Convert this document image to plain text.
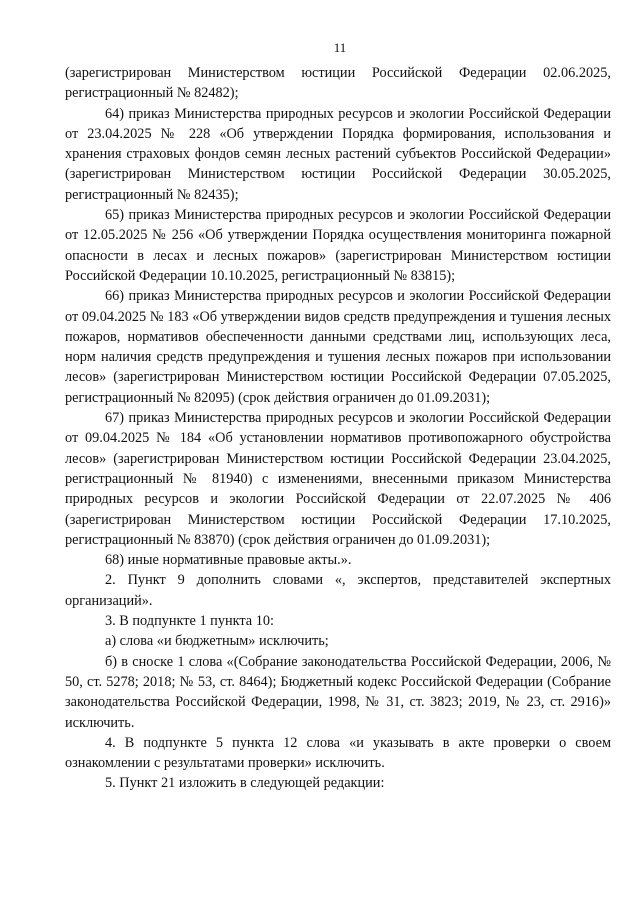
11

(зарегистрирован Министерством юстиции Российской Федерации 02.06.2025, регистрационный № 82482);

64) приказ Министерства природных ресурсов и экологии Российской Федерации от 23.04.2025 № 228 «Об утверждении Порядка формирования, использования и хранения страховых фондов семян лесных растений субъектов Российской Федерации» (зарегистрирован Министерством юстиции Российской Федерации 30.05.2025, регистрационный № 82435);

65) приказ Министерства природных ресурсов и экологии Российской Федерации от 12.05.2025 № 256 «Об утверждении Порядка осуществления мониторинга пожарной опасности в лесах и лесных пожаров» (зарегистрирован Министерством юстиции Российской Федерации 10.10.2025, регистрационный № 83815);

66) приказ Министерства природных ресурсов и экологии Российской Федерации от 09.04.2025 № 183 «Об утверждении видов средств предупреждения и тушения лесных пожаров, нормативов обеспеченности данными средствами лиц, использующих леса, норм наличия средств предупреждения и тушения лесных пожаров при использовании лесов» (зарегистрирован Министерством юстиции Российской Федерации 07.05.2025, регистрационный № 82095) (срок действия ограничен до 01.09.2031);

67) приказ Министерства природных ресурсов и экологии Российской Федерации от 09.04.2025 № 184 «Об установлении нормативов противопожарного обустройства лесов» (зарегистрирован Министерством юстиции Российской Федерации 23.04.2025, регистрационный № 81940) с изменениями, внесенными приказом Министерства природных ресурсов и экологии Российской Федерации от 22.07.2025 № 406 (зарегистрирован Министерством юстиции Российской Федерации 17.10.2025, регистрационный № 83870) (срок действия ограничен до 01.09.2031);

68) иные нормативные правовые акты.».

2. Пункт 9 дополнить словами «, экспертов, представителей экспертных организаций».

3. В подпункте 1 пункта 10:

а) слова «и бюджетным» исключить;

б) в сноске 1 слова «(Собрание законодательства Российской Федерации, 2006, № 50, ст. 5278; 2018; № 53, ст. 8464); Бюджетный кодекс Российской Федерации (Собрание законодательства Российской Федерации, 1998, № 31, ст. 3823; 2019, № 23, ст. 2916)» исключить.

4. В подпункте 5 пункта 12 слова «и указывать в акте проверки о своем ознакомлении с результатами проверки» исключить.

5. Пункт 21 изложить в следующей редакции:
